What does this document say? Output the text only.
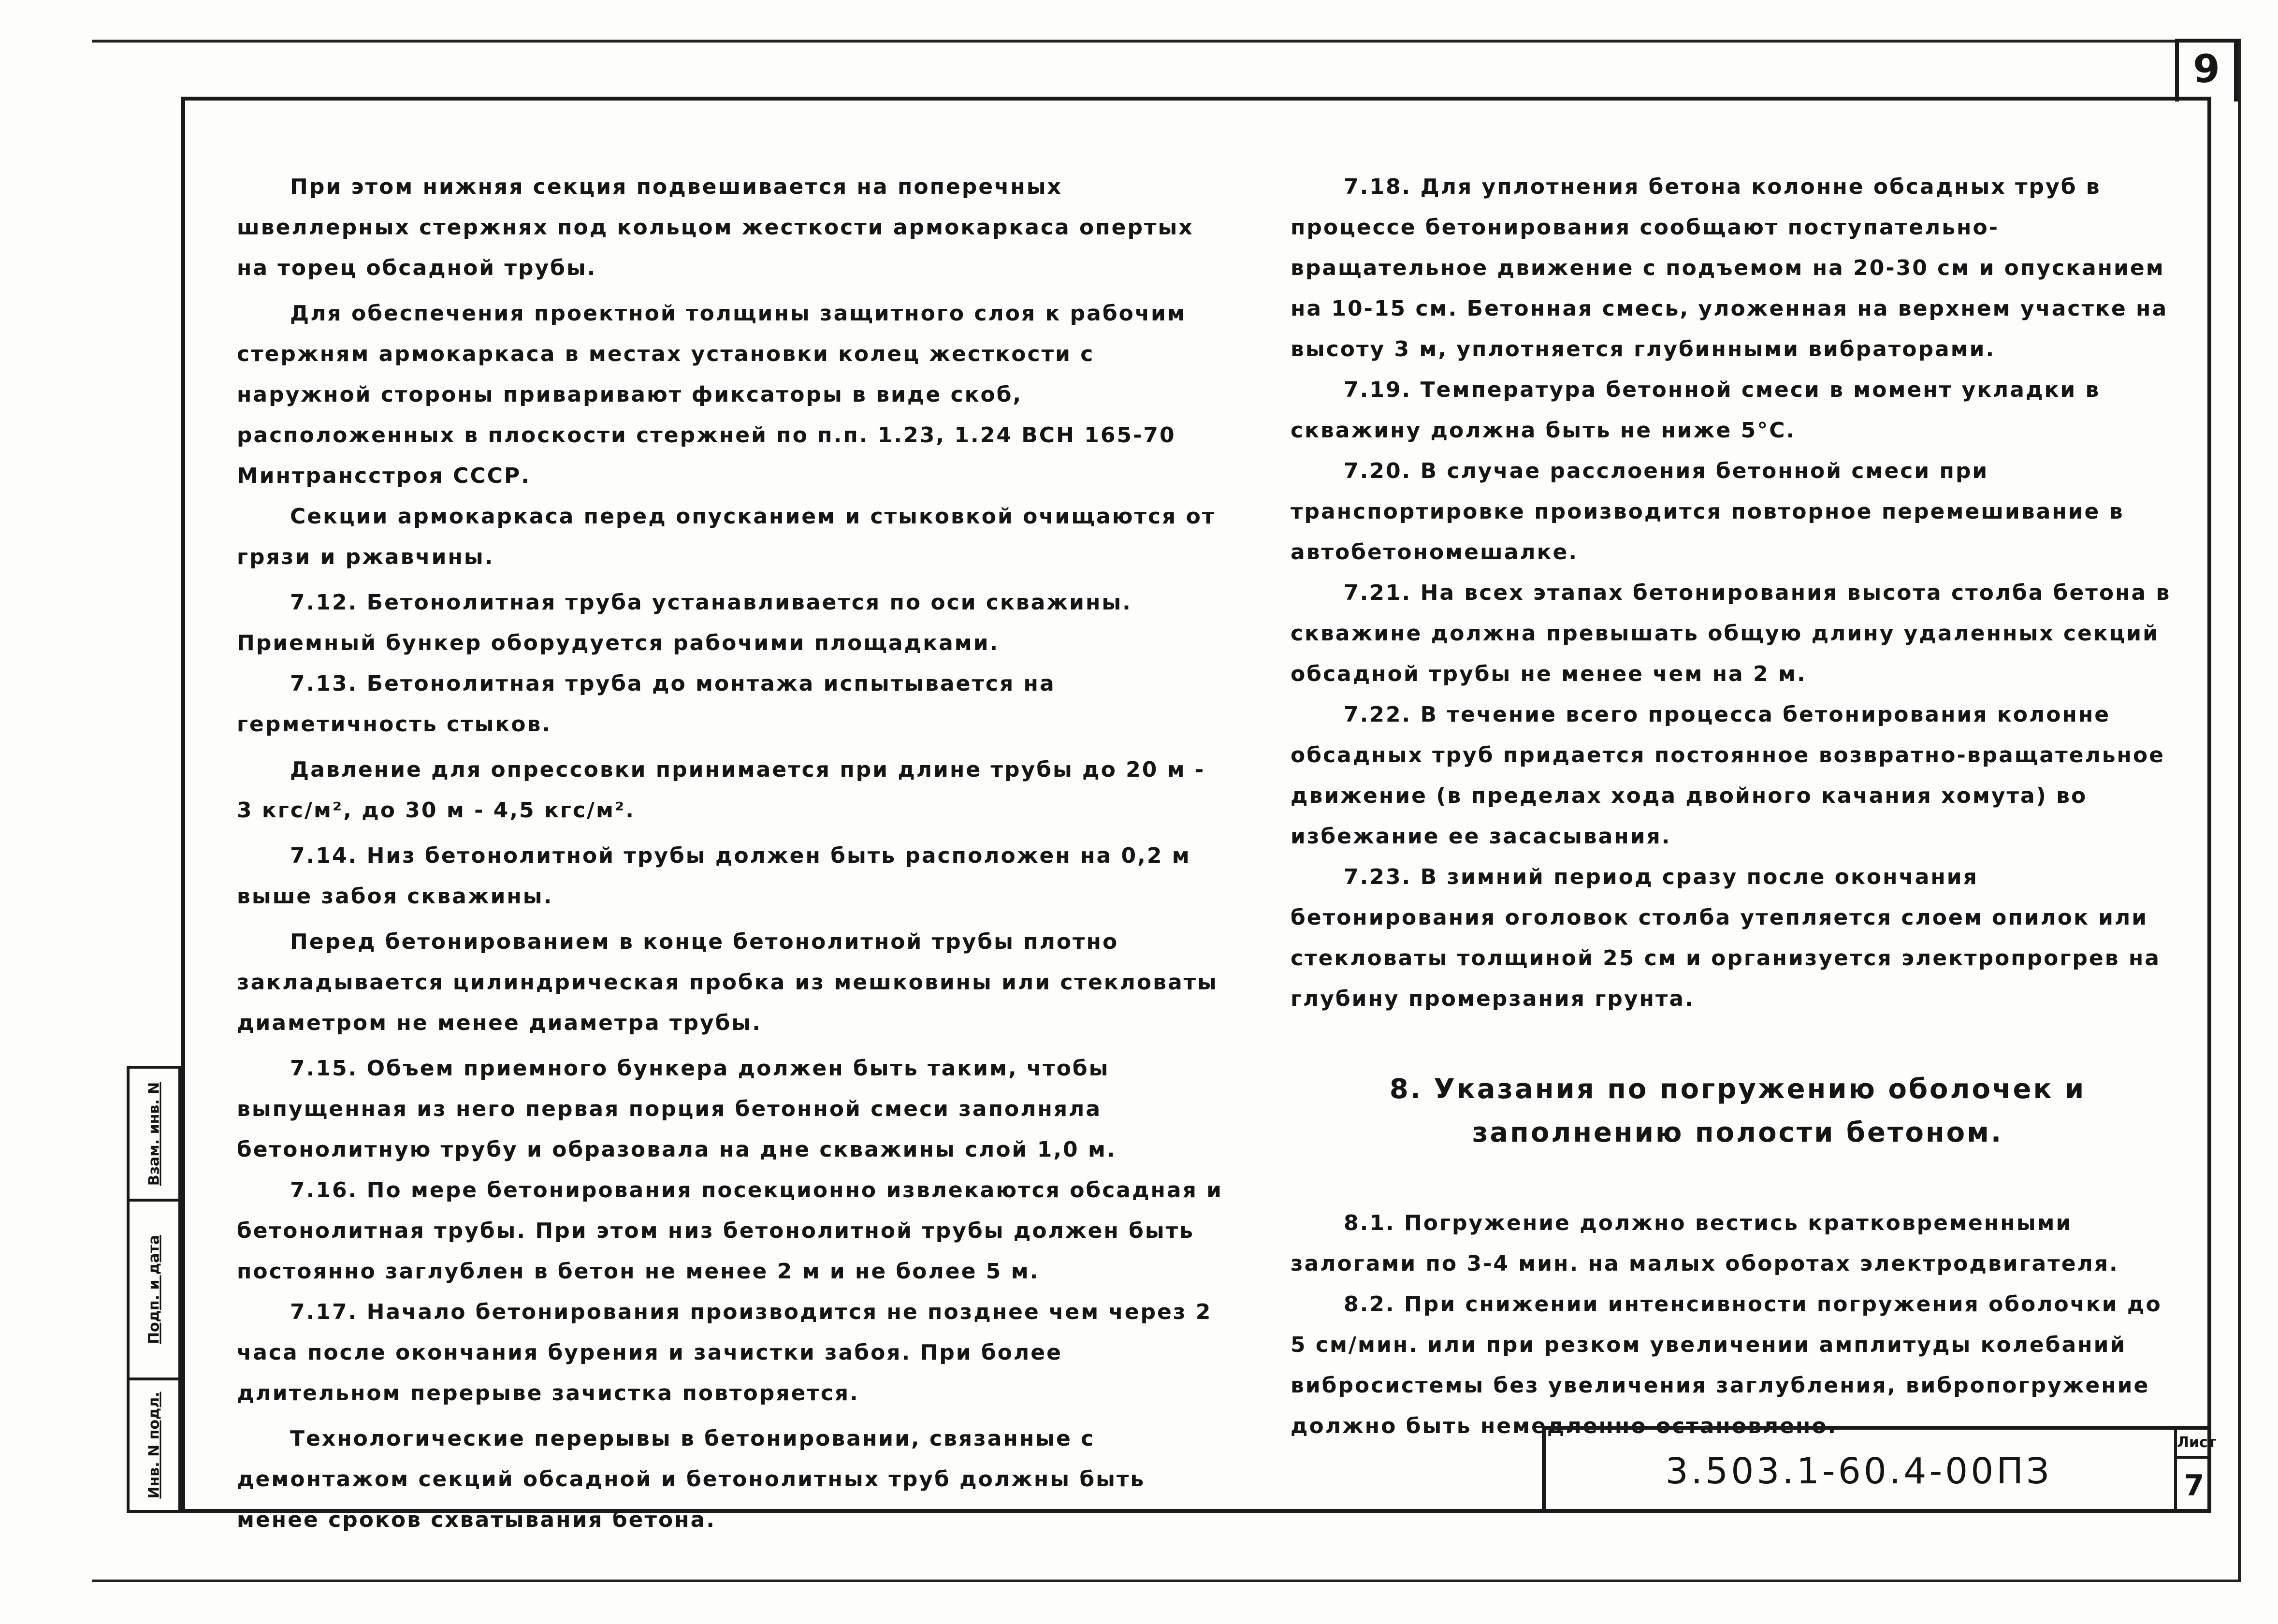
9
Взам. инв. N
Подп. и дата
Инв. N подл.

При этом нижняя секция подвешивается на поперечных швеллерных стержнях под кольцом жесткости армокаркаса опертых на торец обсадной трубы.

Для обеспечения проектной толщины защитного слоя к рабочим стержням армокаркаса в местах установки колец жесткости с наружной стороны приваривают фиксаторы в виде скоб, расположенных в плоскости стержней по п.п. 1.23, 1.24 ВСН 165-70 Минтрансстроя СССР.

Секции армокаркаса перед опусканием и стыковкой очищаются от грязи и ржавчины.

7.12. Бетонолитная труба устанавливается по оси скважины. Приемный бункер оборудуется рабочими площадками.

7.13. Бетонолитная труба до монтажа испытывается на герметичность стыков.

Давление для опрессовки принимается при длине трубы до 20 м - 3 кгс/м², до 30 м - 4,5 кгс/м².

7.14. Низ бетонолитной трубы должен быть расположен на 0,2 м выше забоя скважины.

Перед бетонированием в конце бетонолитной трубы плотно закладывается цилиндрическая пробка из мешковины или стекловаты диаметром не менее диаметра трубы.

7.15. Объем приемного бункера должен быть таким, чтобы выпущенная из него первая порция бетонной смеси заполняла бетонолитную трубу и образовала на дне скважины слой 1,0 м.

7.16. По мере бетонирования посекционно извлекаются обсадная и бетонолитная трубы. При этом низ бетонолитной трубы должен быть постоянно заглублен в бетон не менее 2 м и не более 5 м.

7.17. Начало бетонирования производится не позднее чем через 2 часа после окончания бурения и зачистки забоя. При более длительном перерыве зачистка повторяется.

Технологические перерывы в бетонировании, связанные с демонтажом секций обсадной и бетонолитных труб должны быть менее сроков схватывания бетона.

7.18. Для уплотнения бетона колонне обсадных труб в процессе бетонирования сообщают поступательно-вращательное движение с подъемом на 20-30 см и опусканием на 10-15 см. Бетонная смесь, уложенная на верхнем участке на высоту 3 м, уплотняется глубинными вибраторами.

7.19. Температура бетонной смеси в момент укладки в скважину должна быть не ниже 5°С.

7.20. В случае расслоения бетонной смеси при транспортировке производится повторное перемешивание в автобетономешалке.

7.21. На всех этапах бетонирования высота столба бетона в скважине должна превышать общую длину удаленных секций обсадной трубы не менее чем на 2 м.

7.22. В течение всего процесса бетонирования колонне обсадных труб придается постоянное возвратно-вращательное движение (в пределах хода двойного качания хомута) во избежание ее засасывания.

7.23. В зимний период сразу после окончания бетонирования оголовок столба утепляется слоем опилок или стекловаты толщиной 25 см и организуется электропрогрев на глубину промерзания грунта.

8. Указания по погружению оболочек и
заполнению полости бетоном.

8.1. Погружение должно вестись кратковременными залогами по 3-4 мин. на малых оборотах электродвигателя.

8.2. При снижении интенсивности погружения оболочки до 5 см/мин. или при резком увеличении амплитуды колебаний вибросистемы без увеличения заглубления, вибропогружение должно быть немедленно остановлено.

3.503.1-60.4-00ПЗ
Лист
7
